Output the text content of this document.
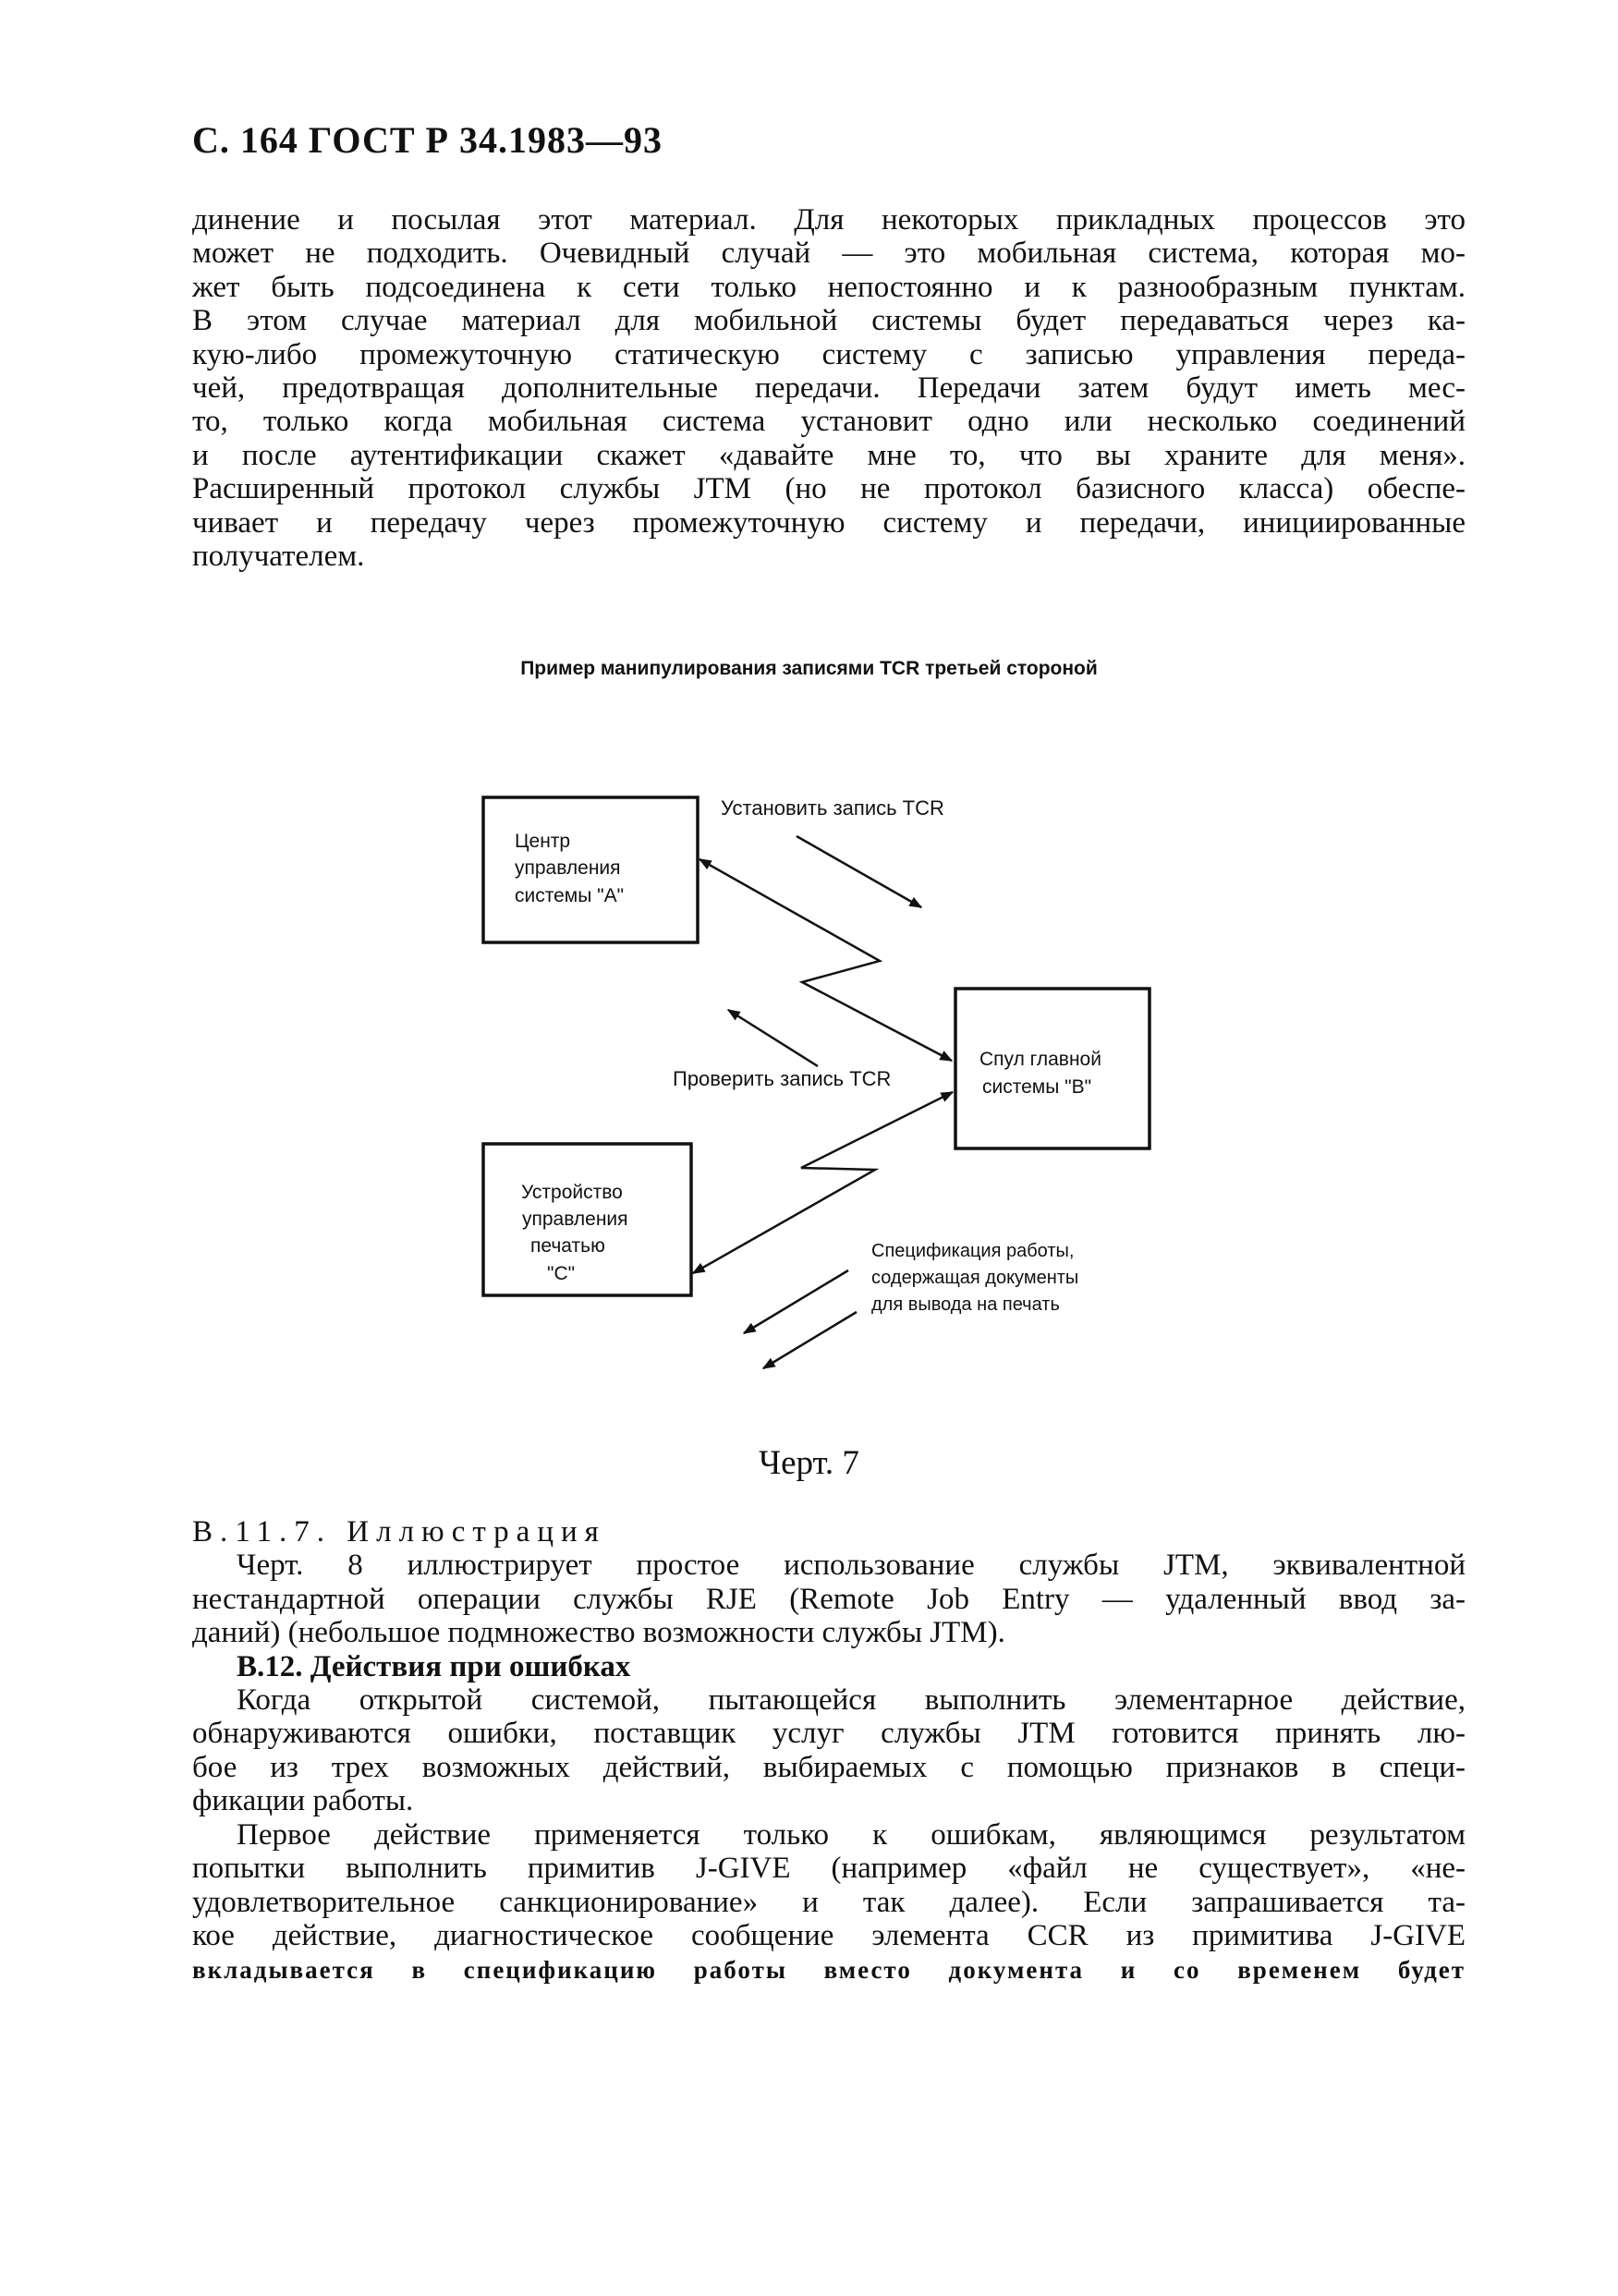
С. 164 ГОСТ Р 34.1983—93
динение и посылая этот материал. Для некоторых прикладных процессов это
может не подходить. Очевидный случай — это мобильная система, которая мо-
жет быть подсоединена к сети только непостоянно и к разнообразным пунктам.
В этом случае материал для мобильной системы будет передаваться через ка-
кую-либо промежуточную статическую систему с записью управления переда-
чей, предотвращая дополнительные передачи. Передачи затем будут иметь мес-
то, только когда мобильная система установит одно или несколько соединений
и после аутентификации скажет «давайте мне то, что вы храните для меня».
Расширенный протокол службы JTM (но не протокол базисного класса) обеспе-
чивает и передачу через промежуточную систему и передачи, инициированные
получателем.
Пример манипулирования записями TCR третьей стороной
Центр управления системы "А"
Спул главной системы "В"
Устройство управления печатью "С"
Установить запись TCR
Проверить запись TCR
Спецификация работы, содержащая документы для вывода на печать
Черт. 7
В.11.7. Иллюстрация
Черт. 8 иллюстрирует простое использование службы JTM, эквивалентной
нестандартной операции службы RJE (Remote Job Entry — удаленный ввод за-
даний) (небольшое подмножество возможности службы JTM).
В.12. Действия при ошибках
Когда открытой системой, пытающейся выполнить элементарное действие,
обнаруживаются ошибки, поставщик услуг службы JTM готовится принять лю-
бое из трех возможных действий, выбираемых с помощью признаков в специ-
фикации работы.
Первое действие применяется только к ошибкам, являющимся результатом
попытки выполнить примитив J-GIVE (например «файл не существует», «не-
удовлетворительное санкционирование» и так далее). Если запрашивается та-
кое действие, диагностическое сообщение элемента CCR из примитива J-GIVE
вкладывается в спецификацию работы вместо документа и со временем будет
